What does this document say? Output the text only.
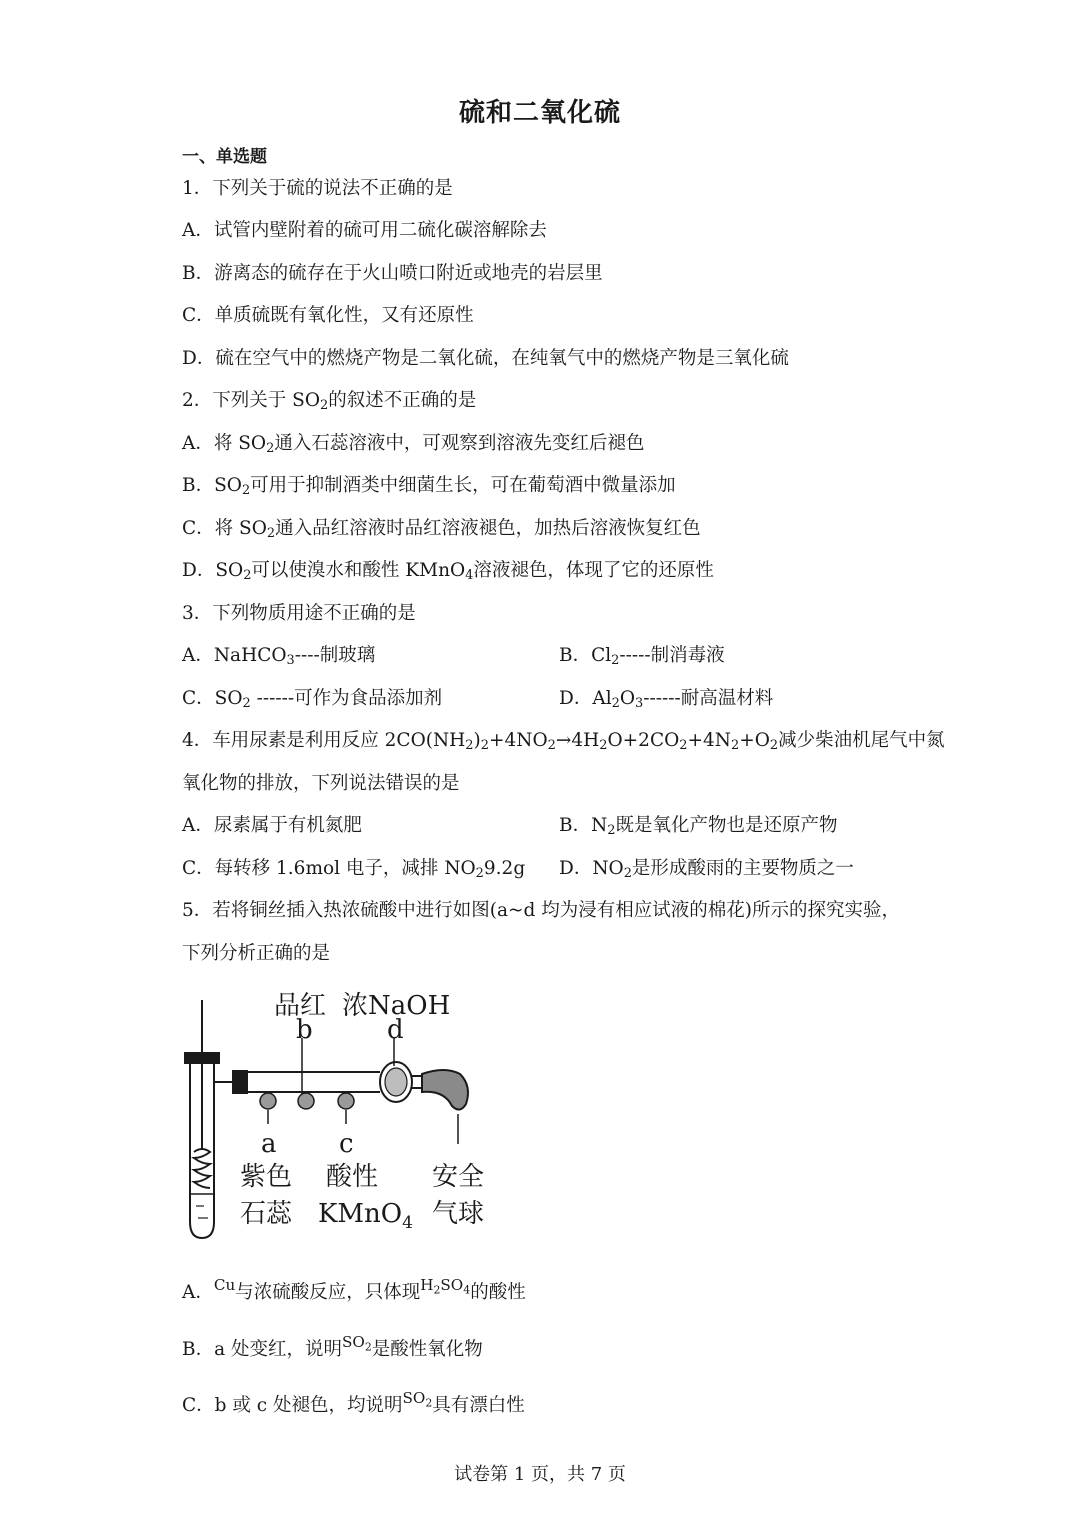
硫和二氧化硫
一、单选题
1．下列关于硫的说法不正确的是
A．试管内壁附着的硫可用二硫化碳溶解除去
B．游离态的硫存在于火山喷口附近或地壳的岩层里
C．单质硫既有氧化性，又有还原性
D．硫在空气中的燃烧产物是二氧化硫，在纯氧气中的燃烧产物是三氧化硫
2．下列关于 $SO_2$的叙述不正确的是
A．将 $SO_2$通入石蕊溶液中，可观察到溶液先变红后褪色
B．$SO_2$可用于抑制酒类中细菌生长，可在葡萄酒中微量添加
C．将 $SO_2$通入品红溶液时品红溶液褪色，加热后溶液恢复红色
D．$SO_2$可以使溴水和酸性 KMnO$_4$溶液褪色，体现了它的还原性
3．下列物质用途不正确的是
A．NaHCO$_3$----制玻璃	B．$Cl_2-----$制消毒液
C．$SO_2$ ------可作为食品添加剂	D．$Al_2O_3------$耐高温材料
4．车用尿素是利用反应 $2CO(NH_2)_2+4NO_2\to 4H_2O+2CO_2+4N_2+O_2$减少柴油机尾气中氮
氧化物的排放，下列说法错误的是
A．尿素属于有机氮肥	B．$N_2$既是氧化产物也是还原产物
C．每转移 1.6mol 电子，减排 $NO_29.2g$ D．$NO_2$是形成酸雨的主要物质之一
5．若将铜丝插入热浓硫酸中进行如图(a~d 均为浸有相应试液的棉花)所示的探究实验，
下列分析正确的是
品红 浓NaOH
b	d
a c
紫色
石蕊
酸性
KMnO$_4$
安全
气球
A．$^{Cu}$与浓硫酸反应，只体现$^{H_2SO_4}$的酸性
B．a 处变红，说明$^{SO_2}$是酸性氧化物
C．b 或 c 处褪色，均说明$^{SO_2}$具有漂白性
试卷第 1 页，共 7 页
